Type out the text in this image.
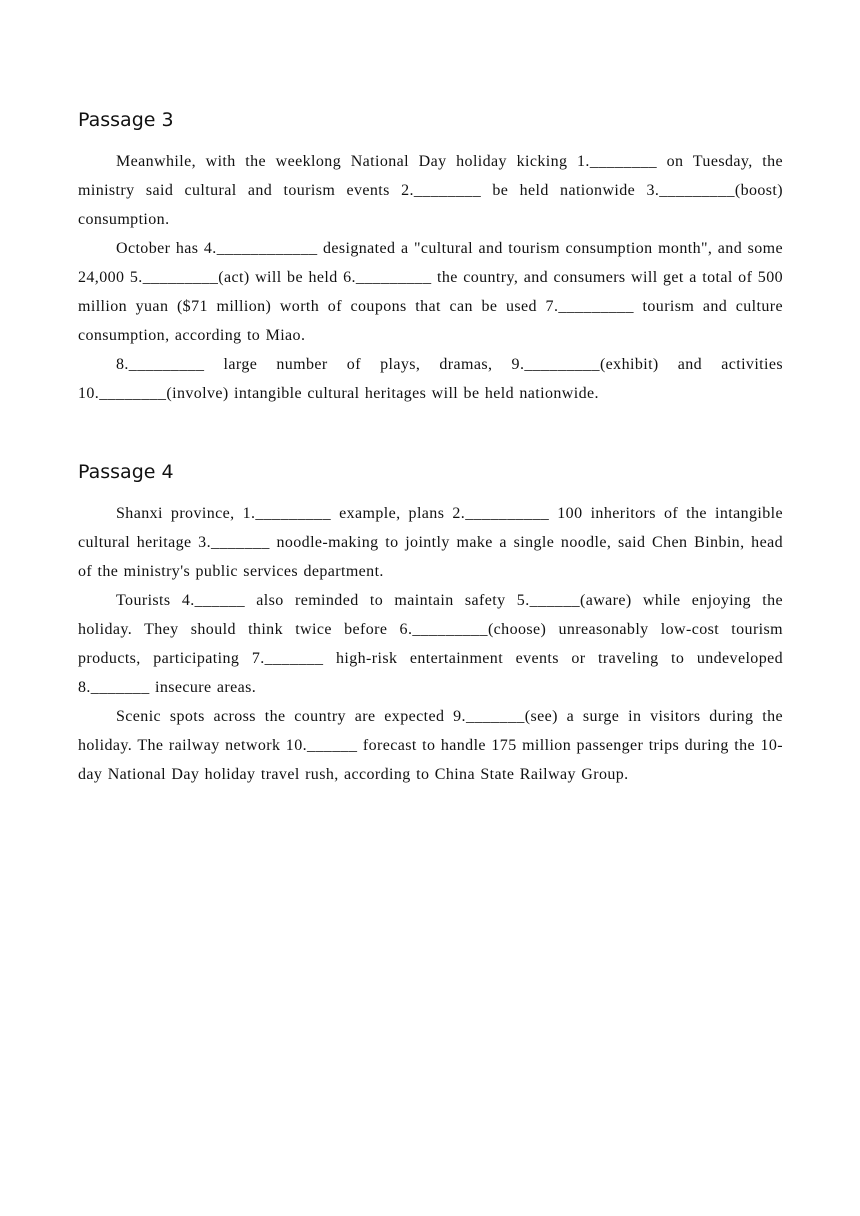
Passage 3

Meanwhile, with the weeklong National Day holiday kicking 1.________ on Tuesday, the ministry said cultural and tourism events 2.________ be held nationwide 3._________(boost) consumption.

October has 4.____________ designated a "cultural and tourism consumption month", and some 24,000 5._________(act) will be held 6._________ the country, and consumers will get a total of 500 million yuan ($71 million) worth of coupons that can be used 7._________ tourism and culture consumption, according to Miao.

8._________ large number of plays, dramas, 9._________(exhibit) and activities 10.________(involve) intangible cultural heritages will be held nationwide.

Passage 4

Shanxi province, 1._________ example, plans 2.__________ 100 inheritors of the intangible cultural heritage 3._______ noodle-making to jointly make a single noodle, said Chen Binbin, head of the ministry's public services department.

Tourists 4.______ also reminded to maintain safety 5.______(aware) while enjoying the holiday. They should think twice before 6._________(choose) unreasonably low-cost tourism products, participating 7._______ high-risk entertainment events or traveling to undeveloped 8._______ insecure areas.

Scenic spots across the country are expected 9._______(see) a surge in visitors during the holiday. The railway network 10.______ forecast to handle 175 million passenger trips during the 10-day National Day holiday travel rush, according to China State Railway Group.
